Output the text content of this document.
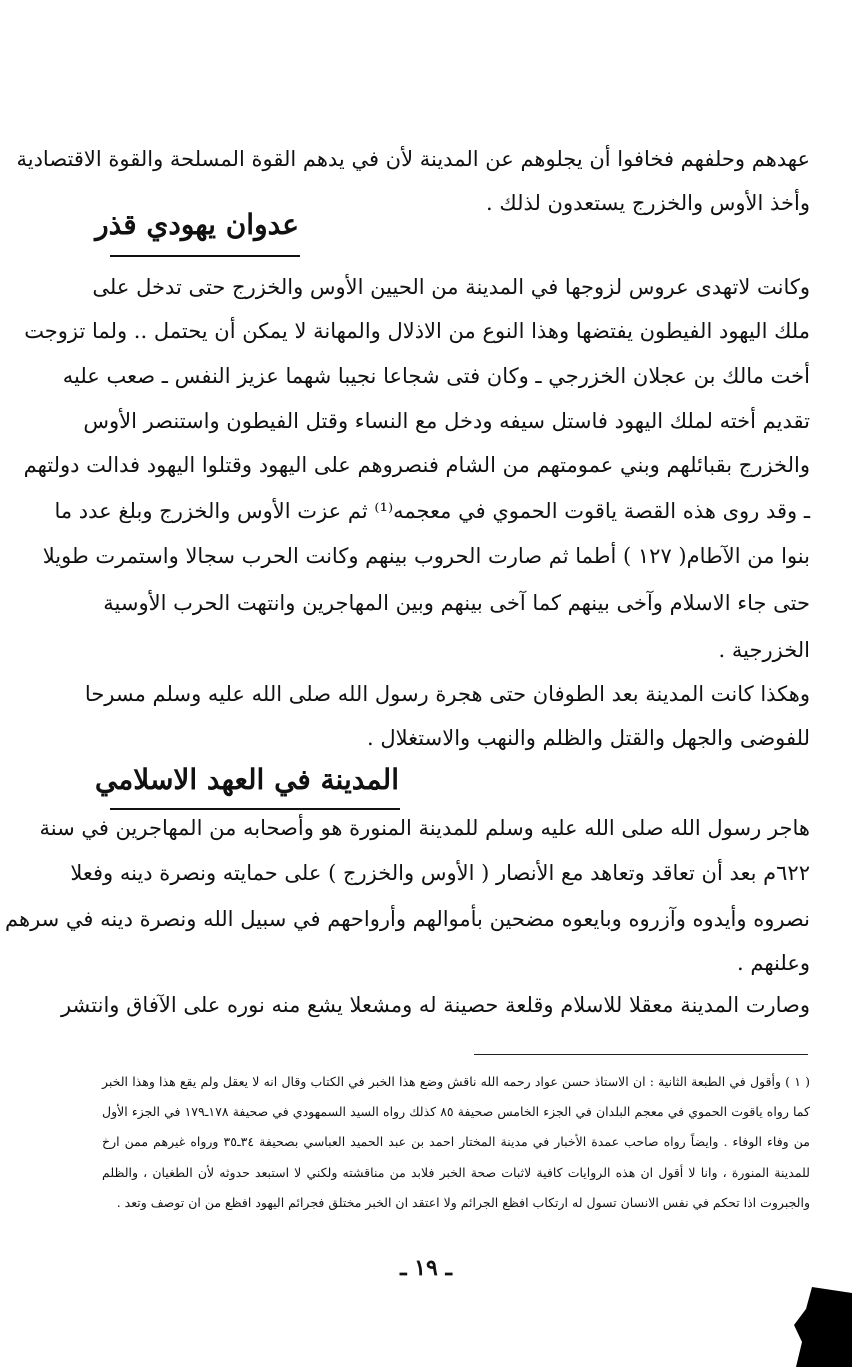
عهدهم وحلفهم فخافوا أن يجلوهم عن المدينة لأن في يدهم القوة المسلحة والقوة الاقتصادية
وأخذ الأوس والخزرج يستعدون لذلك .
عدوان يهودي قذر
وكانت لاتهدى عروس لزوجها في المدينة من الحيين الأوس والخزرج حتى تدخل على
ملك اليهود الفيطون يفتضها وهذا النوع من الاذلال والمهانة لا يمكن أن يحتمل .. ولما تزوجت
أخت مالك بن عجلان الخزرجي ـ وكان فتى شجاعا نجيبا شهما عزيز النفس ـ صعب عليه
تقديم أخته لملك اليهود فاستل سيفه ودخل مع النساء وقتل الفيطون واستنصر الأوس
والخزرج بقبائلهم وبني عمومتهم من الشام فنصروهم على اليهود وقتلوا اليهود فدالت دولتهم
ـ وقد روى هذه القصة ياقوت الحموي في معجمه⁽¹⁾ ثم عزت الأوس والخزرج وبلغ عدد ما
بنوا من الآطام( ١٢٧ ) أطما ثم صارت الحروب بينهم وكانت الحرب سجالا واستمرت طويلا
حتى جاء الاسلام وآخى بينهم كما آخى بينهم وبين المهاجرين وانتهت الحرب الأوسية
الخزرجية .
وهكذا كانت المدينة بعد الطوفان حتى هجرة رسول الله صلى الله عليه وسلم مسرحا
للفوضى والجهل والقتل والظلم والنهب والاستغلال .
المدينة في العهد الاسلامي
هاجر رسول الله صلى الله عليه وسلم للمدينة المنورة هو وأصحابه من المهاجرين في سنة
٦٢٢م بعد أن تعاقد وتعاهد مع الأنصار ( الأوس والخزرج ) على حمايته ونصرة دينه وفعلا
نصروه وأيدوه وآزروه وبايعوه مضحين بأموالهم وأرواحهم في سبيل الله ونصرة دينه في سرهم
وعلنهم .
وصارت المدينة معقلا للاسلام وقلعة حصينة له ومشعلا يشع منه نوره على الآفاق وانتشر
( ١ ) وأقول في الطبعة الثانية : ان الاستاذ حسن عواد رحمه الله ناقش وضع هذا الخبر في الكتاب وقال انه لا يعقل ولم يقع هذا وهذا الخبر
كما رواه ياقوت الحموي في معجم البلدان في الجزء الخامس صحيفة ٨٥ كذلك رواه السيد السمهودي في صحيفة ١٧٨ـ١٧٩ في الجزء الأول
من وفاء الوفاء . وايضاً رواه صاحب عمدة الأخبار في مدينة المختار احمد بن عبد الحميد العباسي بصحيفة ٣٤ـ٣٥ ورواه غيرهم ممن ارخ
للمدينة المنورة ، وانا لا أقول ان هذه الروايات كافية لاثبات صحة الخبر فلابد من مناقشته ولكني لا استبعد حدوثه لأن الطغيان ، والظلم
والجبروت اذا تحكم في نفس الانسان تسول له ارتكاب افظع الجرائم ولا اعتقد ان الخبر مختلق فجرائم اليهود افظع من ان توصف وتعد .
ـ ١٩ ـ
